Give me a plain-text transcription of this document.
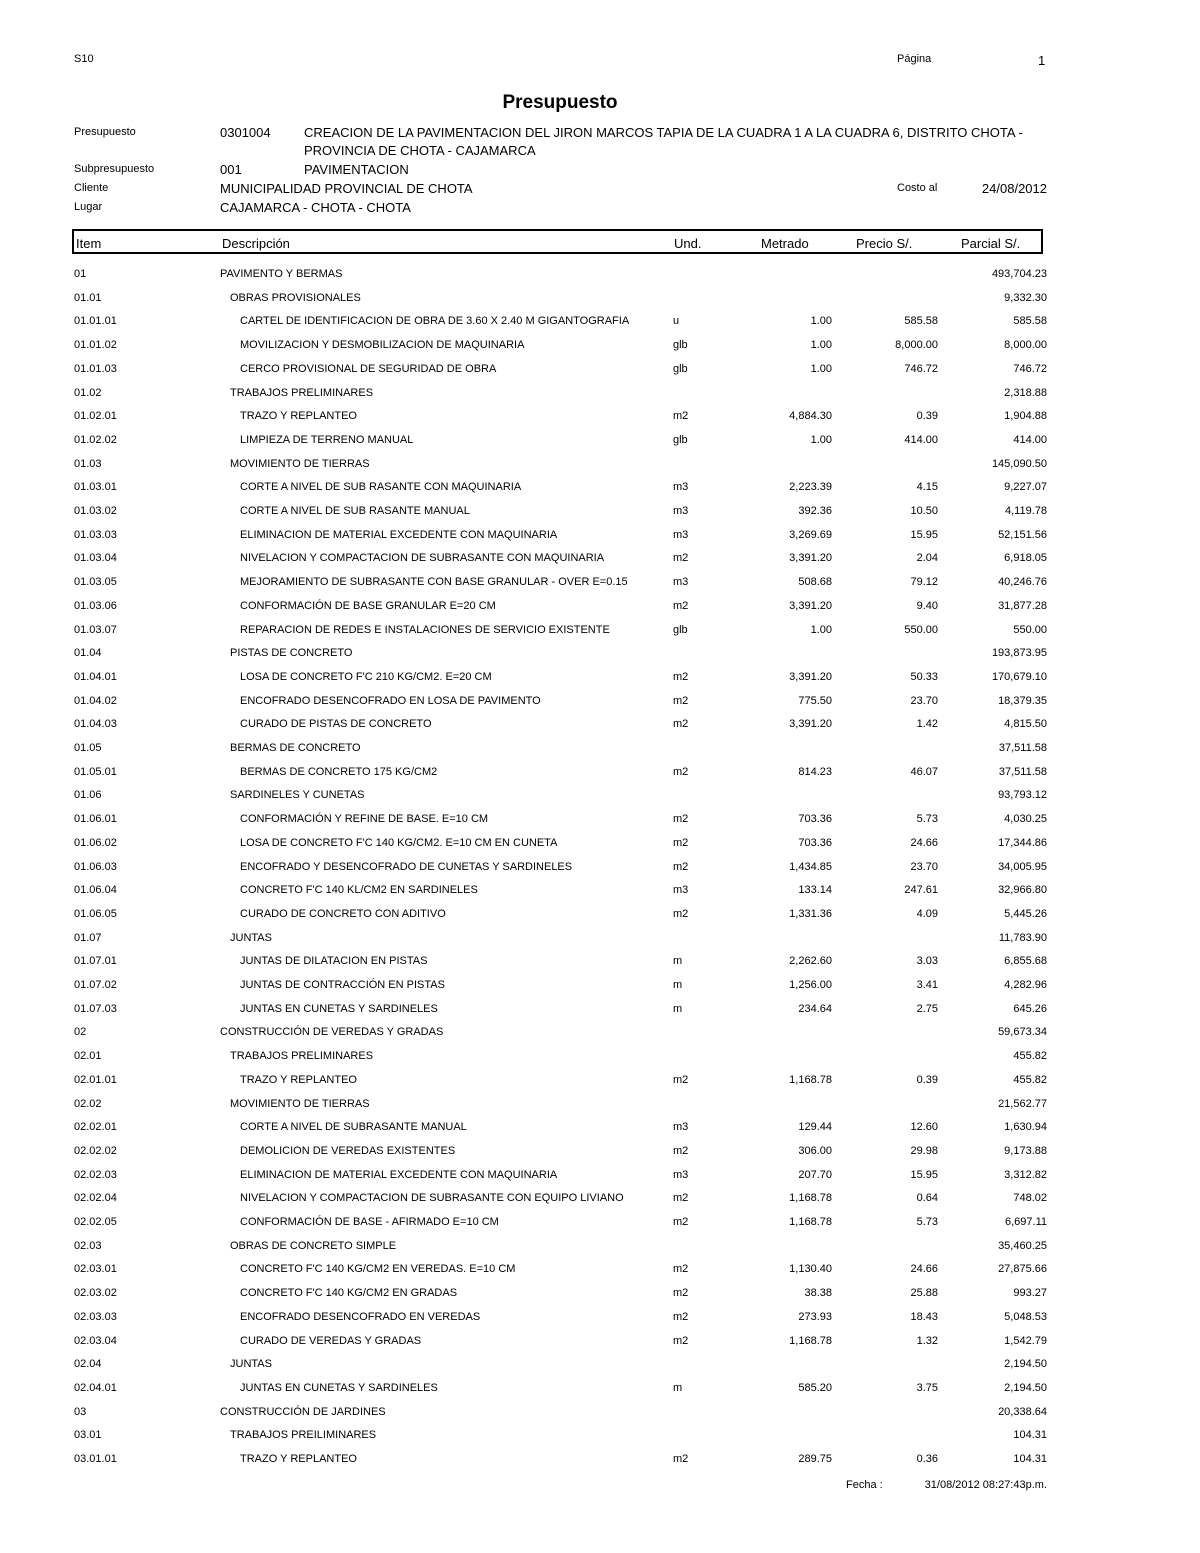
S10	Página	1
Presupuesto
Presupuesto	0301004	CREACION DE LA PAVIMENTACION DEL JIRON MARCOS TAPIA DE LA CUADRA 1 A LA CUADRA 6, DISTRITO CHOTA -
PROVINCIA DE CHOTA - CAJAMARCA
Subpresupuesto	001	PAVIMENTACION
Cliente	MUNICIPALIDAD PROVINCIAL DE CHOTA	Costo al	24/08/2012
Lugar	CAJAMARCA - CHOTA - CHOTA
Item	Descripción	Und.	Metrado	Precio S/.	Parcial S/.
01	PAVIMENTO Y BERMAS	493,704.23
01.01	OBRAS PROVISIONALES	9,332.30
01.01.01	CARTEL DE IDENTIFICACION DE OBRA DE 3.60 X 2.40 M GIGANTOGRAFIA	u	1.00	585.58	585.58
01.01.02	MOVILIZACION Y DESMOBILIZACION DE MAQUINARIA	glb	1.00	8,000.00	8,000.00
01.01.03	CERCO PROVISIONAL DE SEGURIDAD DE OBRA	glb	1.00	746.72	746.72
01.02	TRABAJOS PRELIMINARES	2,318.88
01.02.01	TRAZO Y REPLANTEO	m2	4,884.30	0.39	1,904.88
01.02.02	LIMPIEZA DE TERRENO MANUAL	glb	1.00	414.00	414.00
01.03	MOVIMIENTO DE TIERRAS	145,090.50
01.03.01	CORTE A NIVEL DE SUB RASANTE CON MAQUINARIA	m3	2,223.39	4.15	9,227.07
01.03.02	CORTE A NIVEL DE SUB RASANTE MANUAL	m3	392.36	10.50	4,119.78
01.03.03	ELIMINACION DE MATERIAL EXCEDENTE CON MAQUINARIA	m3	3,269.69	15.95	52,151.56
01.03.04	NIVELACION Y COMPACTACION DE SUBRASANTE CON MAQUINARIA	m2	3,391.20	2.04	6,918.05
01.03.05	MEJORAMIENTO DE SUBRASANTE CON BASE GRANULAR - OVER E=0.15	m3	508.68	79.12	40,246.76
01.03.06	CONFORMACIÓN DE BASE GRANULAR E=20 CM	m2	3,391.20	9.40	31,877.28
01.03.07	REPARACION DE REDES E INSTALACIONES DE SERVICIO EXISTENTE	glb	1.00	550.00	550.00
01.04	PISTAS DE CONCRETO	193,873.95
01.04.01	LOSA DE CONCRETO F'C 210 KG/CM2. E=20 CM	m2	3,391.20	50.33	170,679.10
01.04.02	ENCOFRADO DESENCOFRADO EN LOSA DE PAVIMENTO	m2	775.50	23.70	18,379.35
01.04.03	CURADO DE PISTAS DE CONCRETO	m2	3,391.20	1.42	4,815.50
01.05	BERMAS DE CONCRETO	37,511.58
01.05.01	BERMAS DE CONCRETO 175 KG/CM2	m2	814.23	46.07	37,511.58
01.06	SARDINELES Y CUNETAS	93,793.12
01.06.01	CONFORMACIÓN Y REFINE DE BASE. E=10 CM	m2	703.36	5.73	4,030.25
01.06.02	LOSA DE CONCRETO F'C 140 KG/CM2. E=10 CM EN CUNETA	m2	703.36	24.66	17,344.86
01.06.03	ENCOFRADO Y DESENCOFRADO DE CUNETAS Y SARDINELES	m2	1,434.85	23.70	34,005.95
01.06.04	CONCRETO F'C 140 KL/CM2 EN SARDINELES	m3	133.14	247.61	32,966.80
01.06.05	CURADO DE CONCRETO CON ADITIVO	m2	1,331.36	4.09	5,445.26
01.07	JUNTAS	11,783.90
01.07.01	JUNTAS DE DILATACION EN PISTAS	m	2,262.60	3.03	6,855.68
01.07.02	JUNTAS DE CONTRACCIÓN EN PISTAS	m	1,256.00	3.41	4,282.96
01.07.03	JUNTAS EN CUNETAS Y SARDINELES	m	234.64	2.75	645.26
02	CONSTRUCCIÓN DE VEREDAS Y GRADAS	59,673.34
02.01	TRABAJOS PRELIMINARES	455.82
02.01.01	TRAZO Y REPLANTEO	m2	1,168.78	0.39	455.82
02.02	MOVIMIENTO DE TIERRAS	21,562.77
02.02.01	CORTE A NIVEL DE SUBRASANTE MANUAL	m3	129.44	12.60	1,630.94
02.02.02	DEMOLICION DE VEREDAS EXISTENTES	m2	306.00	29.98	9,173.88
02.02.03	ELIMINACION DE MATERIAL EXCEDENTE CON MAQUINARIA	m3	207.70	15.95	3,312.82
02.02.04	NIVELACION Y COMPACTACION DE SUBRASANTE CON EQUIPO LIVIANO	m2	1,168.78	0.64	748.02
02.02.05	CONFORMACIÓN DE BASE - AFIRMADO E=10 CM	m2	1,168.78	5.73	6,697.11
02.03	OBRAS DE CONCRETO SIMPLE	35,460.25
02.03.01	CONCRETO F'C 140 KG/CM2 EN VEREDAS. E=10 CM	m2	1,130.40	24.66	27,875.66
02.03.02	CONCRETO F'C 140 KG/CM2 EN GRADAS	m2	38.38	25.88	993.27
02.03.03	ENCOFRADO DESENCOFRADO EN VEREDAS	m2	273.93	18.43	5,048.53
02.03.04	CURADO DE VEREDAS Y GRADAS	m2	1,168.78	1.32	1,542.79
02.04	JUNTAS	2,194.50
02.04.01	JUNTAS EN CUNETAS Y SARDINELES	m	585.20	3.75	2,194.50
03	CONSTRUCCIÓN DE JARDINES	20,338.64
03.01	TRABAJOS PREILIMINARES	104.31
03.01.01	TRAZO Y REPLANTEO	m2	289.75	0.36	104.31
Fecha :	31/08/2012 08:27:43p.m.
